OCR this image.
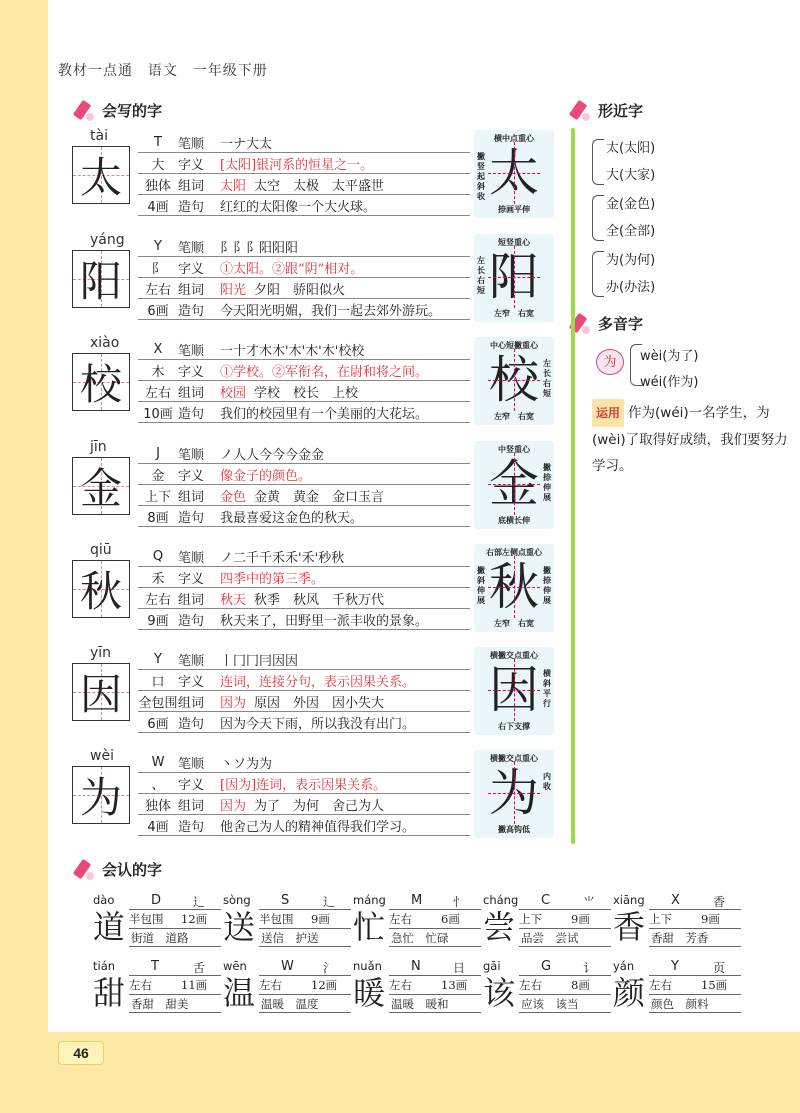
教材一点通 语文 一年级下册
会写的字	形近字
多音字
会认的字
tài
太
T	笔顺	一ナ大太
大	字义	[太阳]银河系的恒星之一。
独体 组词	太阳 太空　太极　太平盛世
4画 造句	红红的太阳像一个大火球。
横中点重心
太
捺画平伸
撇竖起斜收
yáng
阳
Y	笔顺	阝阝阝阳阳阳
阝	字义	①太阳。②跟“阴”相对。
左右 组词	阳光 夕阳　骄阳似火
6画 造句	今天阳光明媚，我们一起去郊外游玩。
短竖重心
阳
左窄　右宽
左长右短
xiào
校
X	笔顺	一十才木木'木'木'木'校校
木	字义	①学校。②军衔名，在尉和将之间。
左右 组词	校园 学校　校长　上校
10画 造句	我们的校园里有一个美丽的大花坛。
中心短撇重心
校
左窄　右宽
左长右短
jīn
金
J	笔顺	ノ人人今今今金金
金	字义	像金子的颜色。
上下 组词	金色 金黄　黄金　金口玉言
8画 造句	我最喜爱这金色的秋天。
中竖重心
金
底横长伸
撇捺伸展
qiū
秋
Q	笔顺	ノ二千千禾禾'禾'秒秋
禾	字义	四季中的第三季。
左右 组词	秋天 秋季　秋风　千秋万代
9画 造句	秋天来了，田野里一派丰收的景象。
右部左侧点重心
秋
左窄　右宽
撇斜伸展
撇捺伸展
yīn
因
Y	笔顺	丨冂冂冃因因
口	字义	连词，连接分句，表示因果关系。
全包围 组词	因为 原因　外因　因小失大
6画 造句	因为今天下雨，所以我没有出门。
横撇交点重心
因
右下支撑
横斜平行
wèi
为
W	笔顺	丶ソ为为
、	字义	[因为]连词，表示因果关系。
独体 组词	因为 为了　为何　舍己为人
4画 造句	他舍己为人的精神值得我们学习。
横撇交点重心
为
撇高钩低
内收
太(太阳)
大(大家)
金(金色)
全(全部)
为(为何)
办(办法)
为	wèi(为了)
wéi(作为)
运用 作为(wéi)一名学生，为(wèi)了取得好成绩，我们要努力学习。
dào
道
D	辶
半包围 12画
街道　道路
sòng
送
S	辶
半包围 9画
送信　护送
máng
忙
M	忄
左右	6画
急忙　忙碌
cháng
尝
C	⺌
上下	9画
品尝　尝试
xiāng
香
X	香
上下	9画
香甜　芳香
tián
甜
T	舌
左右	11画
香甜　甜美
wēn
温
W 氵
左右	12画
温暖　温度
nuǎn
暖
N	日
左右	13画
温暖　暖和
gāi
该
G	讠
左右	8画
应该　该当
yán
颜
Y	页
左右	15画
颜色　颜料
46
